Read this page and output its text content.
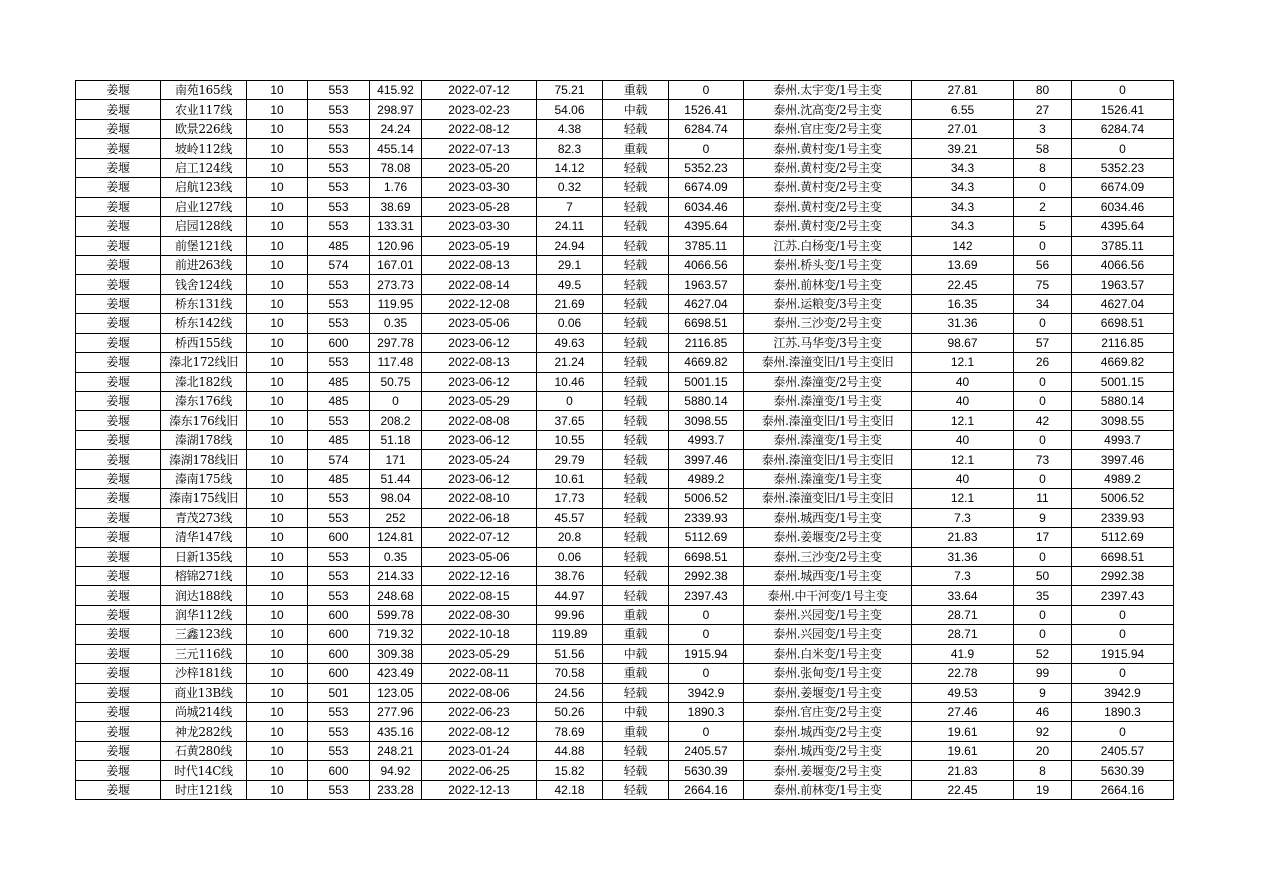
姜堰	南苑165线	10	553	415.92	2022-07-12	75.21	重载	0	泰州.太宇变/1号主变	27.81	80	0
姜堰	农业117线	10	553	298.97	2023-02-23	54.06	中载	1526.41	泰州.沈高变/2号主变	6.55	27	1526.41
姜堰	欧景226线	10	553	24.24	2022-08-12	4.38	轻载	6284.74	泰州.官庄变/2号主变	27.01	3	6284.74
姜堰	坡岭112线	10	553	455.14	2022-07-13	82.3	重载	0	泰州.黄村变/1号主变	39.21	58	0
姜堰	启工124线	10	553	78.08	2023-05-20	14.12	轻载	5352.23	泰州.黄村变/2号主变	34.3	8	5352.23
姜堰	启航123线	10	553	1.76	2023-03-30	0.32	轻载	6674.09	泰州.黄村变/2号主变	34.3	0	6674.09
姜堰	启业127线	10	553	38.69	2023-05-28	7	轻载	6034.46	泰州.黄村变/2号主变	34.3	2	6034.46
姜堰	启园128线	10	553	133.31	2023-03-30	24.11	轻载	4395.64	泰州.黄村变/2号主变	34.3	5	4395.64
姜堰	前堡121线	10	485	120.96	2023-05-19	24.94	轻载	3785.11	江苏.白杨变/1号主变	142	0	3785.11
姜堰	前进263线	10	574	167.01	2022-08-13	29.1	轻载	4066.56	泰州.桥头变/1号主变	13.69	56	4066.56
姜堰	钱舍124线	10	553	273.73	2022-08-14	49.5	轻载	1963.57	泰州.前林变/1号主变	22.45	75	1963.57
姜堰	桥东131线	10	553	119.95	2022-12-08	21.69	轻载	4627.04	泰州.运粮变/3号主变	16.35	34	4627.04
姜堰	桥东142线	10	553	0.35	2023-05-06	0.06	轻载	6698.51	泰州.三沙变/2号主变	31.36	0	6698.51
姜堰	桥西155线	10	600	297.78	2023-06-12	49.63	轻载	2116.85	江苏.马华变/3号主变	98.67	57	2116.85
姜堰	溱北172线旧	10	553	117.48	2022-08-13	21.24	轻载	4669.82	泰州.溱潼变旧/1号主变旧	12.1	26	4669.82
姜堰	溱北182线	10	485	50.75	2023-06-12	10.46	轻载	5001.15	泰州.溱潼变/2号主变	40	0	5001.15
姜堰	溱东176线	10	485	0	2023-05-29	0	轻载	5880.14	泰州.溱潼变/1号主变	40	0	5880.14
姜堰	溱东176线旧	10	553	208.2	2022-08-08	37.65	轻载	3098.55	泰州.溱潼变旧/1号主变旧	12.1	42	3098.55
姜堰	溱湖178线	10	485	51.18	2023-06-12	10.55	轻载	4993.7	泰州.溱潼变/1号主变	40	0	4993.7
姜堰	溱湖178线旧	10	574	171	2023-05-24	29.79	轻载	3997.46	泰州.溱潼变旧/1号主变旧	12.1	73	3997.46
姜堰	溱南175线	10	485	51.44	2023-06-12	10.61	轻载	4989.2	泰州.溱潼变/1号主变	40	0	4989.2
姜堰	溱南175线旧	10	553	98.04	2022-08-10	17.73	轻载	5006.52	泰州.溱潼变旧/1号主变旧	12.1	11	5006.52
姜堰	青茂273线	10	553	252	2022-06-18	45.57	轻载	2339.93	泰州.城西变/1号主变	7.3	9	2339.93
姜堰	清华147线	10	600	124.81	2022-07-12	20.8	轻载	5112.69	泰州.姜堰变/2号主变	21.83	17	5112.69
姜堰	日新135线	10	553	0.35	2023-05-06	0.06	轻载	6698.51	泰州.三沙变/2号主变	31.36	0	6698.51
姜堰	榕锦271线	10	553	214.33	2022-12-16	38.76	轻载	2992.38	泰州.城西变/1号主变	7.3	50	2992.38
姜堰	润达188线	10	553	248.68	2022-08-15	44.97	轻载	2397.43	泰州.中干河变/1号主变	33.64	35	2397.43
姜堰	润华112线	10	600	599.78	2022-08-30	99.96	重载	0	泰州.兴园变/1号主变	28.71	0	0
姜堰	三鑫123线	10	600	719.32	2022-10-18	119.89	重载	0	泰州.兴园变/1号主变	28.71	0	0
姜堰	三元116线	10	600	309.38	2023-05-29	51.56	中载	1915.94	泰州.白米变/1号主变	41.9	52	1915.94
姜堰	沙梓181线	10	600	423.49	2022-08-11	70.58	重载	0	泰州.张甸变/1号主变	22.78	99	0
姜堰	商业13B线	10	501	123.05	2022-08-06	24.56	轻载	3942.9	泰州.姜堰变/1号主变	49.53	9	3942.9
姜堰	尚城214线	10	553	277.96	2022-06-23	50.26	中载	1890.3	泰州.官庄变/2号主变	27.46	46	1890.3
姜堰	神龙282线	10	553	435.16	2022-08-12	78.69	重载	0	泰州.城西变/2号主变	19.61	92	0
姜堰	石黄280线	10	553	248.21	2023-01-24	44.88	轻载	2405.57	泰州.城西变/2号主变	19.61	20	2405.57
姜堰	时代14C线	10	600	94.92	2022-06-25	15.82	轻载	5630.39	泰州.姜堰变/2号主变	21.83	8	5630.39
姜堰	时庄121线	10	553	233.28	2022-12-13	42.18	轻载	2664.16	泰州.前林变/1号主变	22.45	19	2664.16
